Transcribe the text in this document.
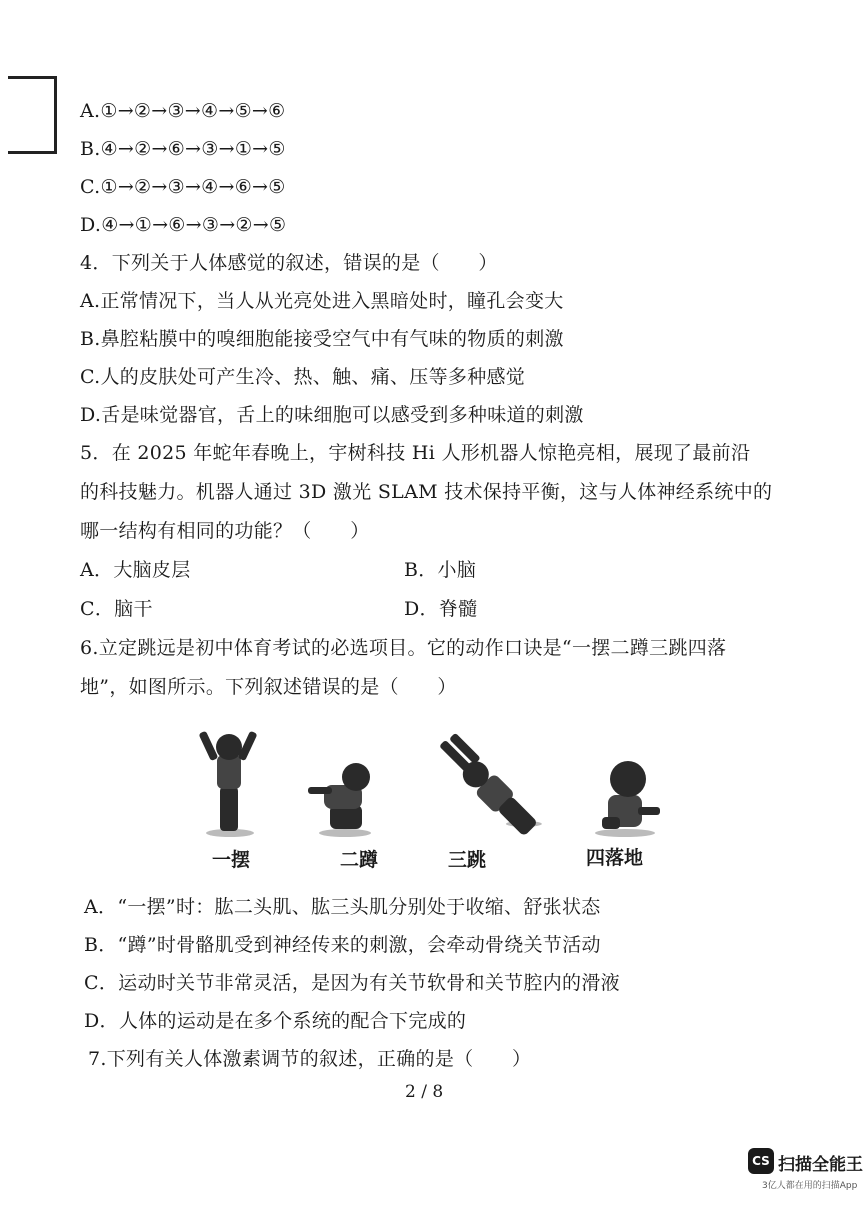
A.①→②→③→④→⑤→⑥
B.④→②→⑥→③→①→⑤
C.①→②→③→④→⑥→⑤
D.④→①→⑥→③→②→⑤
4．下列关于人体感觉的叙述，错误的是（　　）
A.正常情况下，当人从光亮处进入黑暗处时，瞳孔会变大
B.鼻腔粘膜中的嗅细胞能接受空气中有气味的物质的刺激
C.人的皮肤处可产生冷、热、触、痛、压等多种感觉
D.舌是味觉器官，舌上的味细胞可以感受到多种味道的刺激
5．在 2025 年蛇年春晚上，宇树科技 Hi 人形机器人惊艳亮相，展现了最前沿
的科技魅力。机器人通过 3D 激光 SLAM 技术保持平衡，这与人体神经系统中的
哪一结构有相同的功能？（　　）
A．大脑皮层	B．小脑
C．脑干	D．脊髓
6.立定跳远是初中体育考试的必选项目。它的动作口诀是“一摆二蹲三跳四落
地”，如图所示。下列叙述错误的是（　　）
一摆	二蹲	三跳	四落地
A．“一摆”时：肱二头肌、肱三头肌分别处于收缩、舒张状态
B．“蹲”时骨骼肌受到神经传来的刺激，会牵动骨绕关节活动
C．运动时关节非常灵活，是因为有关节软骨和关节腔内的滑液
D．人体的运动是在多个系统的配合下完成的
7.下列有关人体激素调节的叙述，正确的是（　　）
2 / 8
CS 扫描全能王
3亿人都在用的扫描App
